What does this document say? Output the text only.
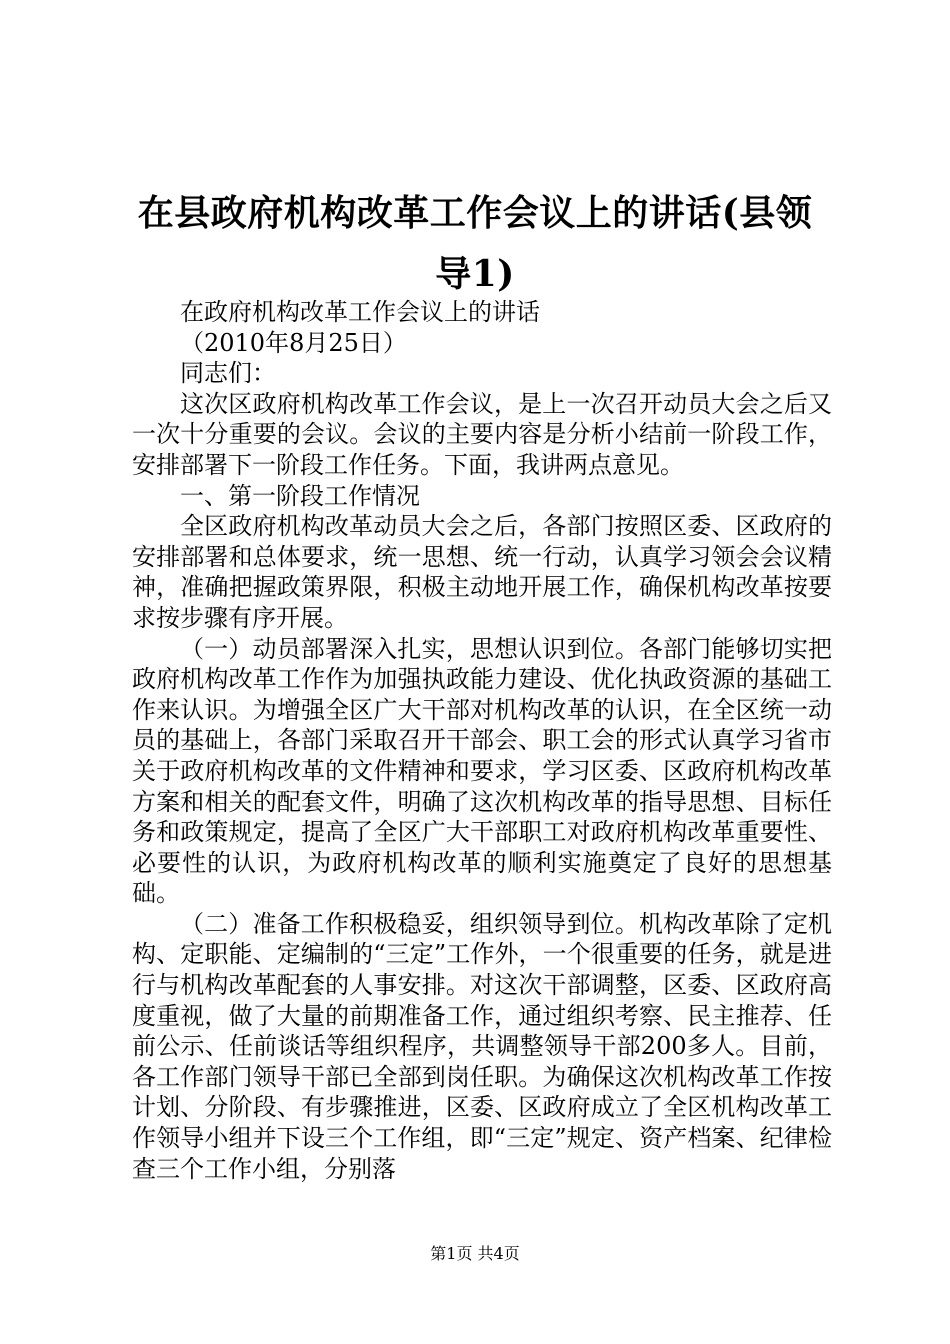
在县政府机构改革工作会议上的讲话(县领导1)

在政府机构改革工作会议上的讲话

（2010年8月25日）

同志们：

这次区政府机构改革工作会议，是上一次召开动员大会之后又一次十分重要的会议。会议的主要内容是分析小结前一阶段工作，安排部署下一阶段工作任务。下面，我讲两点意见。

一、第一阶段工作情况

全区政府机构改革动员大会之后，各部门按照区委、区政府的安排部署和总体要求，统一思想、统一行动，认真学习领会会议精神，准确把握政策界限，积极主动地开展工作，确保机构改革按要求按步骤有序开展。

（一）动员部署深入扎实，思想认识到位。各部门能够切实把政府机构改革工作作为加强执政能力建设、优化执政资源的基础工作来认识。为增强全区广大干部对机构改革的认识，在全区统一动员的基础上，各部门采取召开干部会、职工会的形式认真学习省市关于政府机构改革的文件精神和要求，学习区委、区政府机构改革方案和相关的配套文件，明确了这次机构改革的指导思想、目标任务和政策规定，提高了全区广大干部职工对政府机构改革重要性、必要性的认识，为政府机构改革的顺利实施奠定了良好的思想基础。

（二）准备工作积极稳妥，组织领导到位。机构改革除了定机构、定职能、定编制的“三定”工作外，一个很重要的任务，就是进行与机构改革配套的人事安排。对这次干部调整，区委、区政府高度重视，做了大量的前期准备工作，通过组织考察、民主推荐、任前公示、任前谈话等组织程序，共调整领导干部200多人。目前，各工作部门领导干部已全部到岗任职。为确保这次机构改革工作按计划、分阶段、有步骤推进，区委、区政府成立了全区机构改革工作领导小组并下设三个工作组，即“三定”规定、资产档案、纪律检查三个工作小组，分别落

第1页 共4页
